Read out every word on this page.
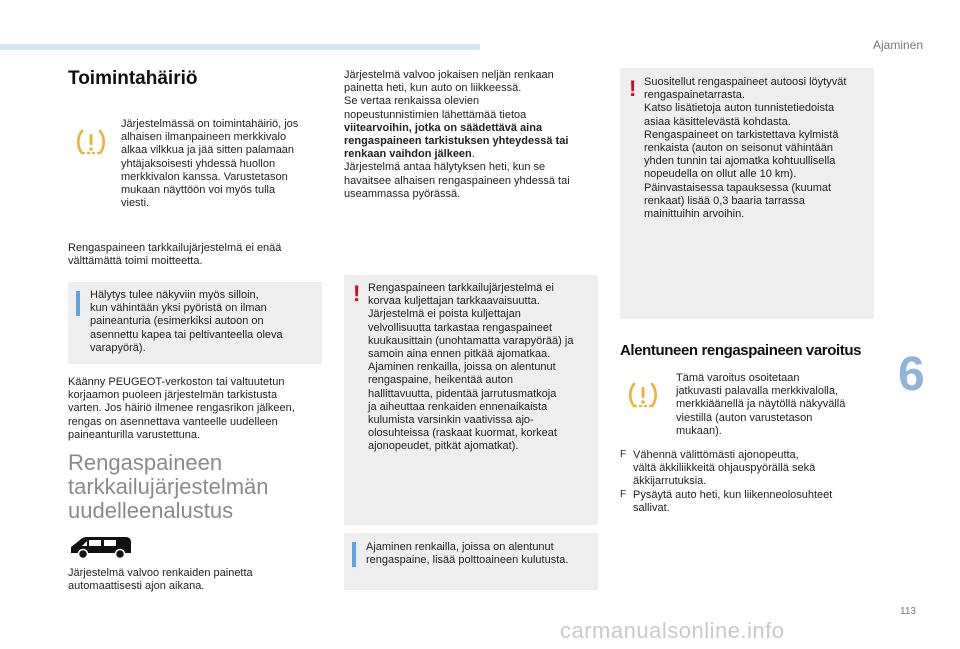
Ajaminen
6
113
carmanualsonline.info
Toimintahäiriö

Järjestelmässä on toimintahäiriö, jos
alhaisen ilmanpaineen merkkivalo
alkaa vilkkua ja jää sitten palamaan
yhtäjaksoisesti yhdessä huollon
merkkivalon kanssa. Varustetason
mukaan näyttöön voi myös tulla
viesti.

Rengaspaineen tarkkailujärjestelmä ei enää
välttämättä toimi moitteetta.

Hälytys tulee näkyviin myös silloin,
kun vähintään yksi pyöristä on ilman
paineanturia (esimerkiksi autoon on
asennettu kapea tai peltivanteella oleva
varapyörä).

Käänny PEUGEOT-verkoston tai valtuutetun
korjaamon puoleen järjestelmän tarkistusta
varten. Jos häiriö ilmenee rengasrikon jälkeen,
rengas on asennettava vanteelle uudelleen
paineanturilla varustettuna.

Rengaspaineen
tarkkailujärjestelmän
uudelleenalustus

Järjestelmä valvoo renkaiden painetta
automaattisesti ajon aikana.

Järjestelmä valvoo jokaisen neljän renkaan
painetta heti, kun auto on liikkeessä.
Se vertaa renkaissa olevien
nopeustunnistimien lähettämää tietoa
viitearvoihin, jotka on säädettävä aina
rengaspaineen tarkistuksen yhteydessä tai
renkaan vaihdon jälkeen.
Järjestelmä antaa hälytyksen heti, kun se
havaitsee alhaisen rengaspaineen yhdessä tai
useammassa pyörässä.
! Rengaspaineen tarkkailujärjestelmä ei
korvaa kuljettajan tarkkaavaisuutta.
Järjestelmä ei poista kuljettajan
velvollisuutta tarkastaa rengaspaineet
kuukausittain (unohtamatta varapyörää) ja
samoin aina ennen pitkää ajomatkaa.
Ajaminen renkailla, joissa on alentunut
rengaspaine, heikentää auton
hallittavuutta, pidentää jarrutusmatkoja
ja aiheuttaa renkaiden ennenaikaista
kulumista varsinkin vaativissa ajo-
olosuhteissa (raskaat kuormat, korkeat
ajonopeudet, pitkät ajomatkat).

Ajaminen renkailla, joissa on alentunut
rengaspaine, lisää polttoaineen kulutusta.

! Suositellut rengaspaineet autoosi löytyvät
rengaspainetarrasta.
Katso lisätietoja auton tunnistetiedoista
asiaa käsittelevästä kohdasta.
Rengaspaineet on tarkistettava kylmistä
renkaista (auton on seisonut vähintään
yhden tunnin tai ajomatka kohtuullisella
nopeudella on ollut alle 10 km).
Päinvastaisessa tapauksessa (kuumat
renkaat) lisää 0,3 baaria tarrassa
mainittuihin arvoihin.

Alentuneen rengaspaineen varoitus

Tämä varoitus osoitetaan
jatkuvasti palavalla merkkivalolla,
merkkiäänellä ja näytöllä näkyvällä
viestillä (auton varustetason
mukaan).

F Vähennä välittömästi ajonopeutta,
vältä äkkiliikkeitä ohjauspyörällä sekä
äkkijarrutuksia.

F Pysäytä auto heti, kun liikenneolosuhteet
sallivat.
